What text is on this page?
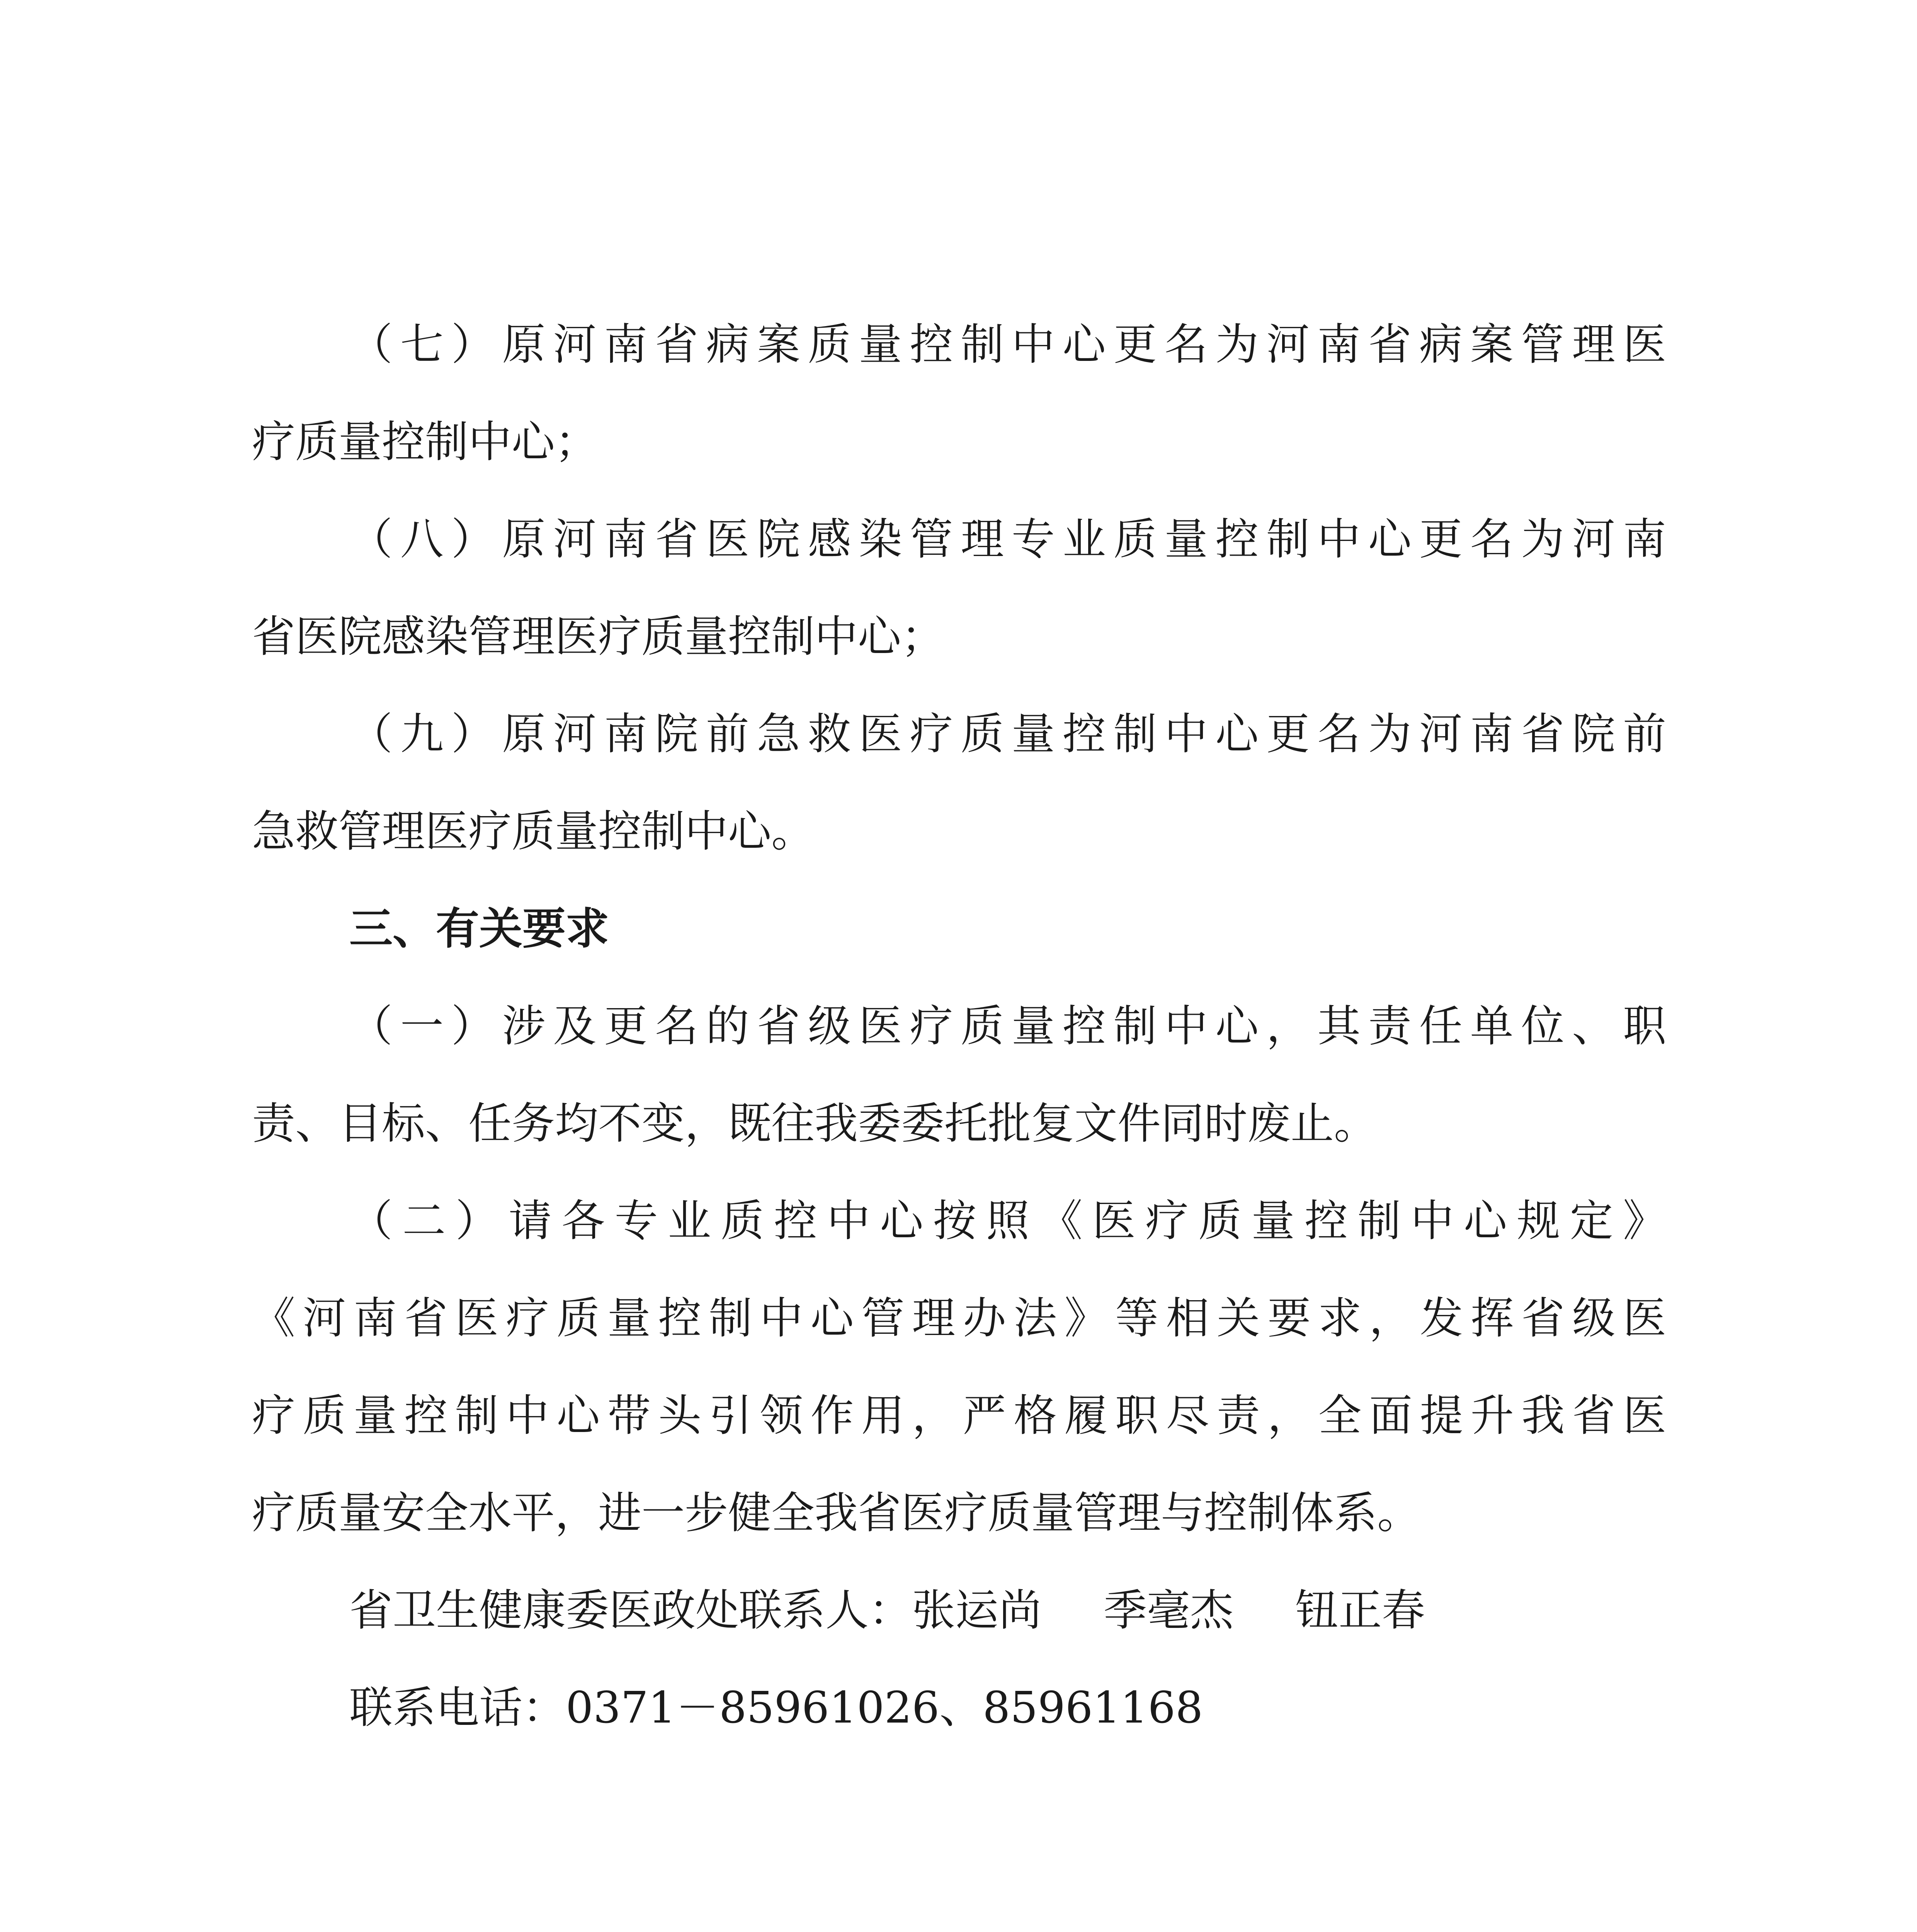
（七）原河南省病案质量控制中心更名为河南省病案管理医
疗质量控制中心；
（八）原河南省医院感染管理专业质量控制中心更名为河南
省医院感染管理医疗质量控制中心；
（九）原河南院前急救医疗质量控制中心更名为河南省院前
急救管理医疗质量控制中心。
三、有关要求
（一）涉及更名的省级医疗质量控制中心，其责任单位、职
责、目标、任务均不变，既往我委委托批复文件同时废止。
（二）请各专业质控中心按照《医疗质量控制中心规定》
《河南省医疗质量控制中心管理办法》等相关要求，发挥省级医
疗质量控制中心带头引领作用，严格履职尽责，全面提升我省医
疗质量安全水平，进一步健全我省医疗质量管理与控制体系。
省卫生健康委医政处联系人：张运尚 季毫杰 钮正春
联系电话：0371－85961026、85961168
